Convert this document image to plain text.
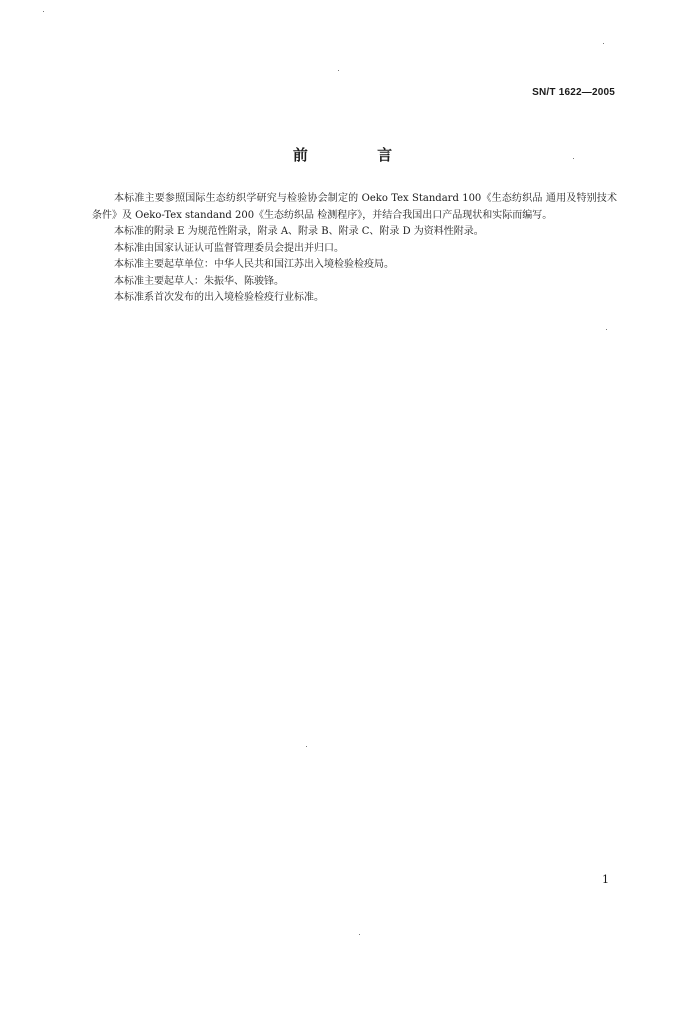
SN/T 1622—2005
前 言

本标准主要参照国际生态纺织学研究与检验协会制定的 Oeko Tex Standard 100《生态纺织品 通用及特别技术条件》及 Oeko-Tex standand 200《生态纺织品 检测程序》，并结合我国出口产品现状和实际而编写。

本标准的附录 E 为规范性附录，附录 A、附录 B、附录 C、附录 D 为资料性附录。

本标准由国家认证认可监督管理委员会提出并归口。

本标准主要起草单位：中华人民共和国江苏出入境检验检疫局。

本标准主要起草人：朱振华、陈骏锋。

本标准系首次发布的出入境检验检疫行业标准。

1
